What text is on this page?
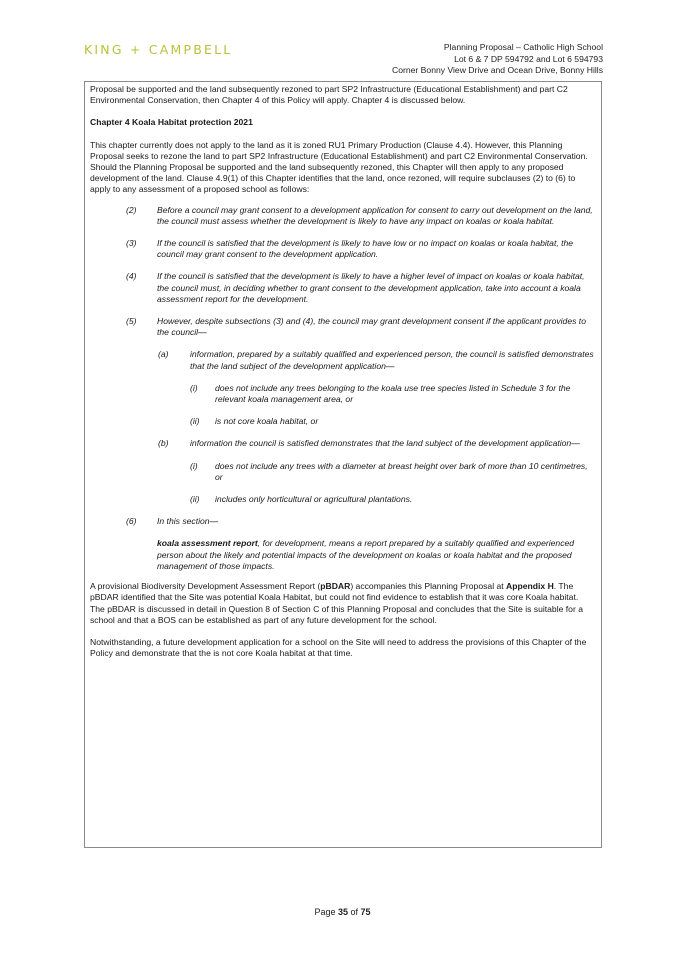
KING + CAMPBELL	Planning Proposal – Catholic High School
Lot 6 & 7 DP 594792 and Lot 6 594793
Corner Bonny View Drive and Ocean Drive, Bonny Hills

Proposal be supported and the land subsequently rezoned to part SP2 Infrastructure (Educational Establishment) and part C2 Environmental Conservation, then Chapter 4 of this Policy will apply. Chapter 4 is discussed below.

Chapter 4 Koala Habitat protection 2021

This chapter currently does not apply to the land as it is zoned RU1 Primary Production (Clause 4.4). However, this Planning Proposal seeks to rezone the land to part SP2 Infrastructure (Educational Establishment) and part C2 Environmental Conservation. Should the Planning Proposal be supported and the land subsequently rezoned, this Chapter will then apply to any proposed development of the land. Clause 4.9(1) of this Chapter identifies that the land, once rezoned, will require subclauses (2) to (6) to apply to any assessment of a proposed school as follows:

(2) Before a council may grant consent to a development application for consent to carry out development on the land, the council must assess whether the development is likely to have any impact on koalas or koala habitat.
(3) If the council is satisfied that the development is likely to have low or no impact on koalas or koala habitat, the council may grant consent to the development application.
(4) If the council is satisfied that the development is likely to have a higher level of impact on koalas or koala habitat, the council must, in deciding whether to grant consent to the development application, take into account a koala assessment report for the development.
(5) However, despite subsections (3) and (4), the council may grant development consent if the applicant provides to the council—
(a) information, prepared by a suitably qualified and experienced person, the council is satisfied demonstrates that the land subject of the development application—
(i) does not include any trees belonging to the koala use tree species listed in Schedule 3 for the relevant koala management area, or
(ii) is not core koala habitat, or
(b) information the council is satisfied demonstrates that the land subject of the development application—
(i) does not include any trees with a diameter at breast height over bark of more than 10 centimetres, or
(ii) includes only horticultural or agricultural plantations.
(6) In this section—

koala assessment report, for development, means a report prepared by a suitably qualified and experienced person about the likely and potential impacts of the development on koalas or koala habitat and the proposed management of those impacts.

A provisional Biodiversity Development Assessment Report (pBDAR) accompanies this Planning Proposal at Appendix H. The pBDAR identified that the Site was potential Koala Habitat, but could not find evidence to establish that it was core Koala habitat. The pBDAR is discussed in detail in Question 8 of Section C of this Planning Proposal and concludes that the Site is suitable for a school and that a BOS can be established as part of any future development for the school.

Notwithstanding, a future development application for a school on the Site will need to address the provisions of this Chapter of the Policy and demonstrate that the is not core Koala habitat at that time.

Page 35 of 75
